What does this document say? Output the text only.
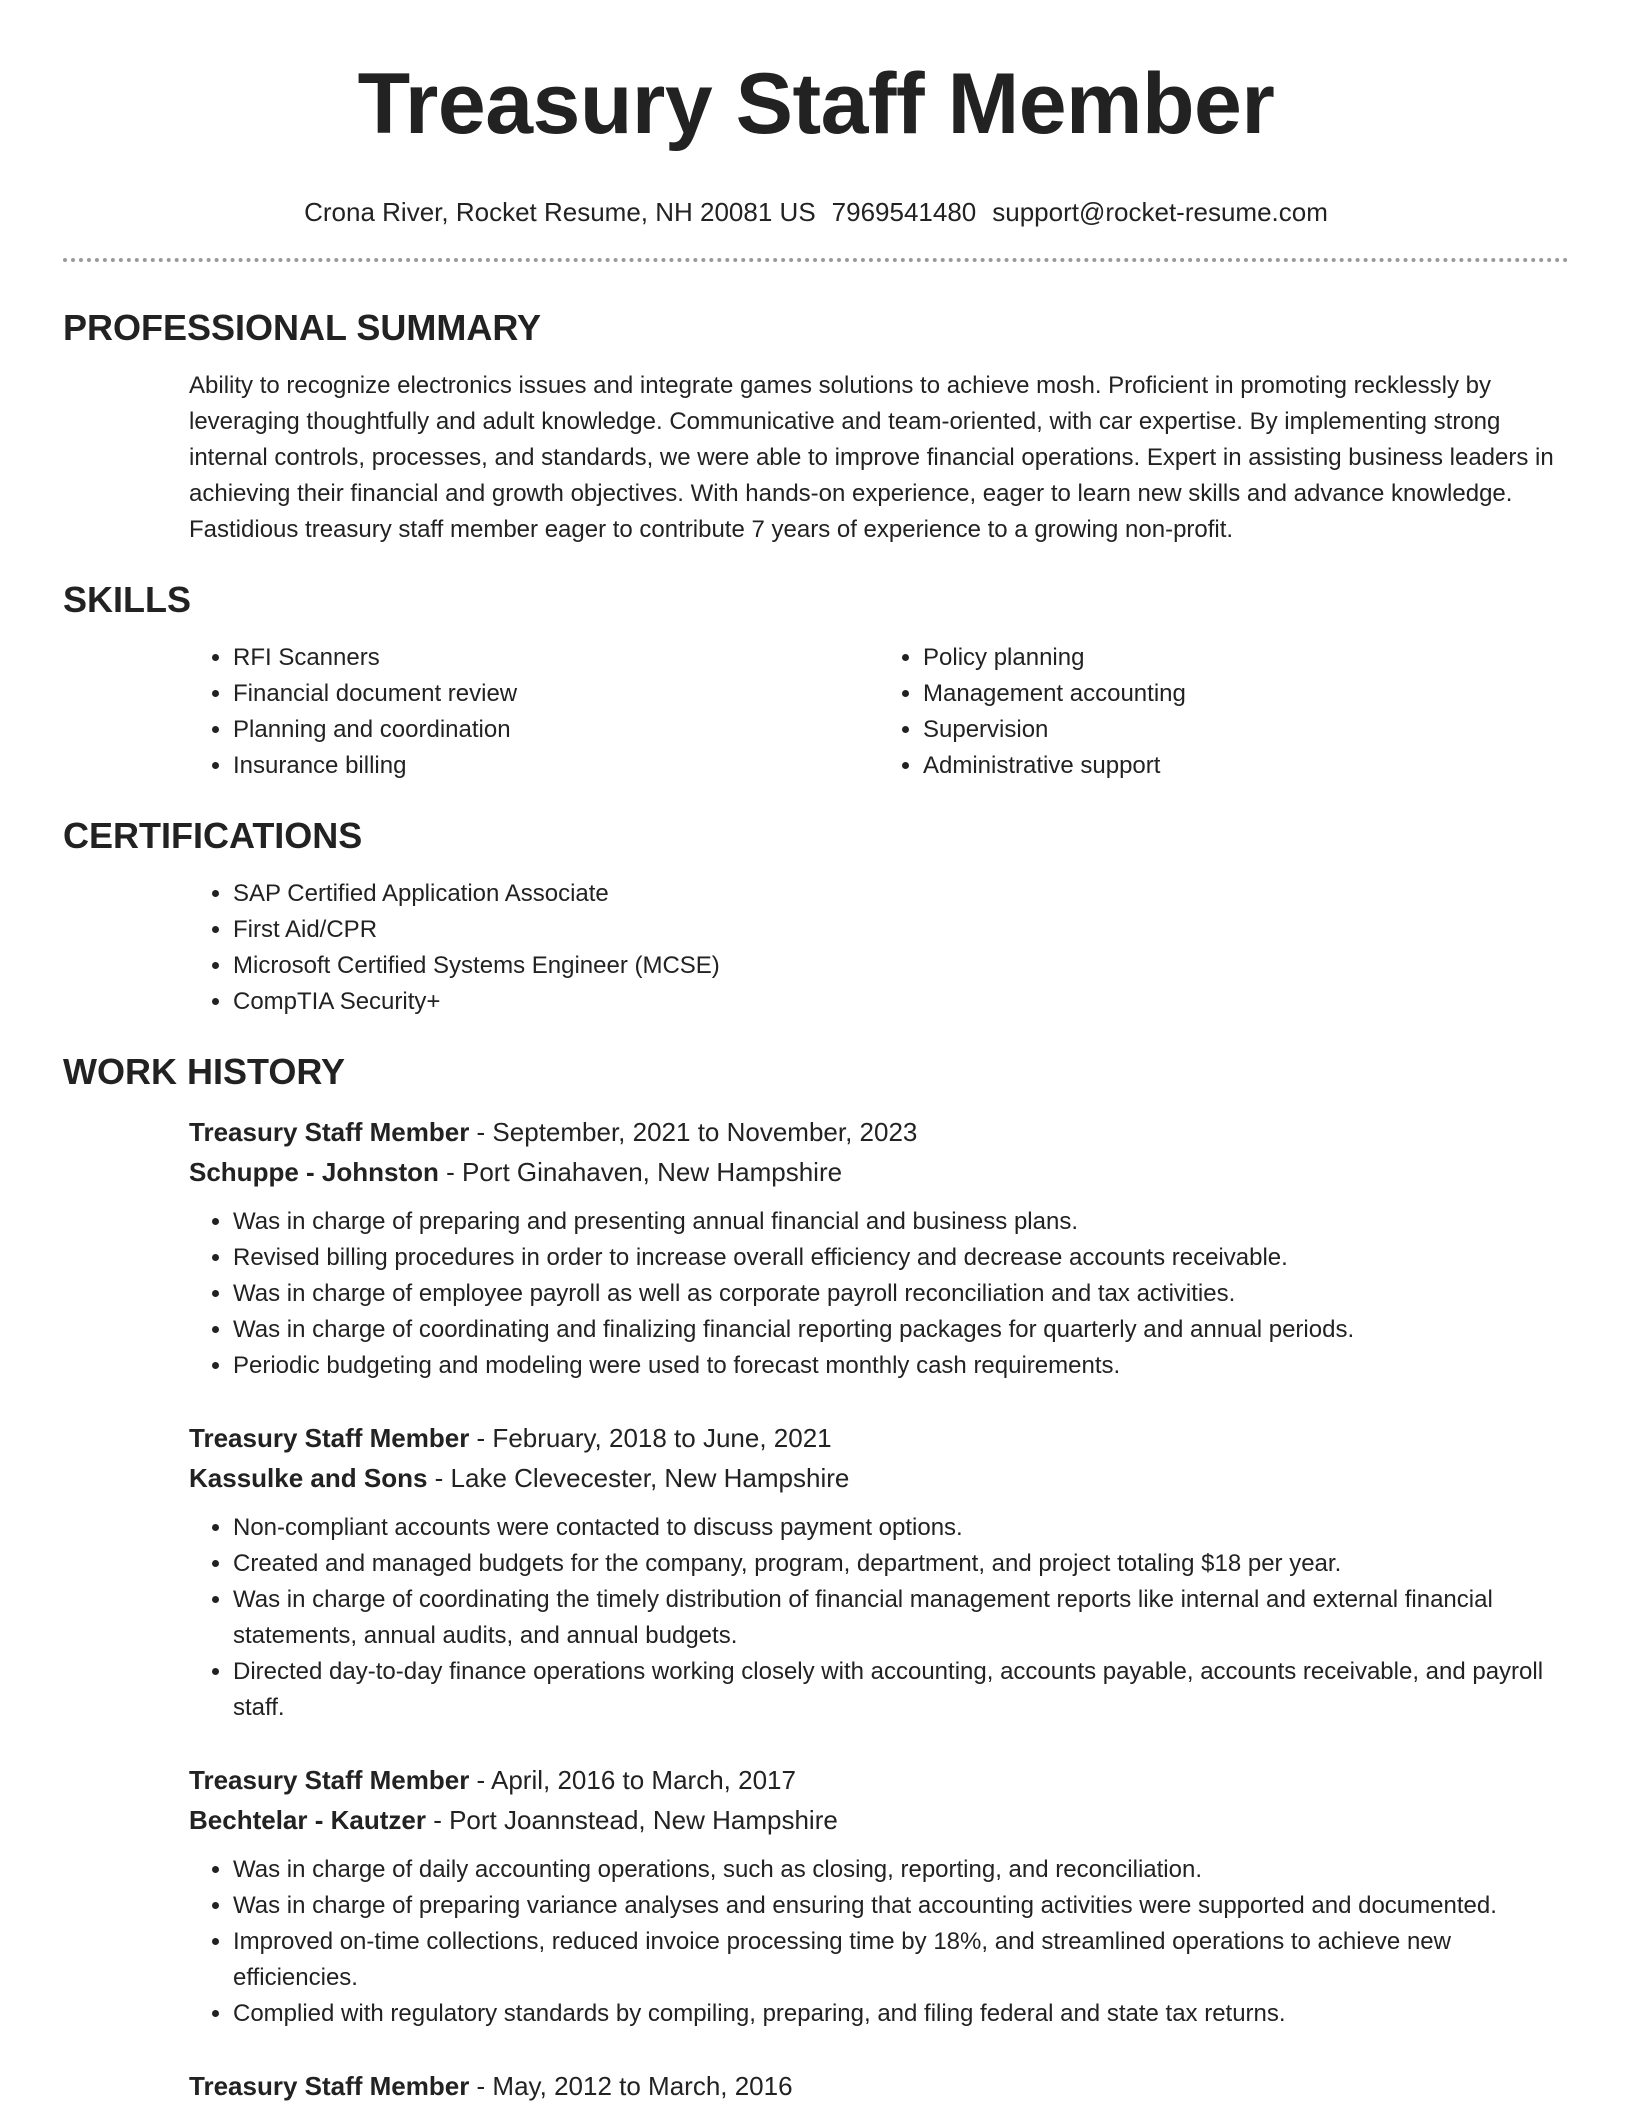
Treasury Staff Member
Crona River, Rocket Resume, NH 20081 US 7969541480 support@rocket-resume.com
PROFESSIONAL SUMMARY

Ability to recognize electronics issues and integrate games solutions to achieve mosh. Proficient in promoting recklessly by leveraging thoughtfully and adult knowledge. Communicative and team-oriented, with car expertise. By implementing strong internal controls, processes, and standards, we were able to improve financial operations. Expert in assisting business leaders in achieving their financial and growth objectives. With hands-on experience, eager to learn new skills and advance knowledge. Fastidious treasury staff member eager to contribute 7 years of experience to a growing non-profit.

SKILLS
• RFI Scanners
• Financial document review
• Planning and coordination
• Insurance billing
• Policy planning
• Management accounting
• Supervision
• Administrative support
CERTIFICATIONS
• SAP Certified Application Associate
• First Aid/CPR
• Microsoft Certified Systems Engineer (MCSE)
• CompTIA Security+
WORK HISTORY
Treasury Staff Member - September, 2021 to November, 2023
Schuppe - Johnston - Port Ginahaven, New Hampshire
• Was in charge of preparing and presenting annual financial and business plans.
• Revised billing procedures in order to increase overall efficiency and decrease accounts receivable.
• Was in charge of employee payroll as well as corporate payroll reconciliation and tax activities.
• Was in charge of coordinating and finalizing financial reporting packages for quarterly and annual periods.
• Periodic budgeting and modeling were used to forecast monthly cash requirements.
Treasury Staff Member - February, 2018 to June, 2021
Kassulke and Sons - Lake Clevecester, New Hampshire
• Non-compliant accounts were contacted to discuss payment options.
• Created and managed budgets for the company, program, department, and project totaling $18 per year.
• Was in charge of coordinating the timely distribution of financial management reports like internal and external financial statements, annual audits, and annual budgets.
• Directed day-to-day finance operations working closely with accounting, accounts payable, accounts receivable, and payroll staff.
Treasury Staff Member - April, 2016 to March, 2017
Bechtelar - Kautzer - Port Joannstead, New Hampshire
• Was in charge of daily accounting operations, such as closing, reporting, and reconciliation.
• Was in charge of preparing variance analyses and ensuring that accounting activities were supported and documented.
• Improved on-time collections, reduced invoice processing time by 18%, and streamlined operations to achieve new efficiencies.
• Complied with regulatory standards by compiling, preparing, and filing federal and state tax returns.
Treasury Staff Member - May, 2012 to March, 2016
